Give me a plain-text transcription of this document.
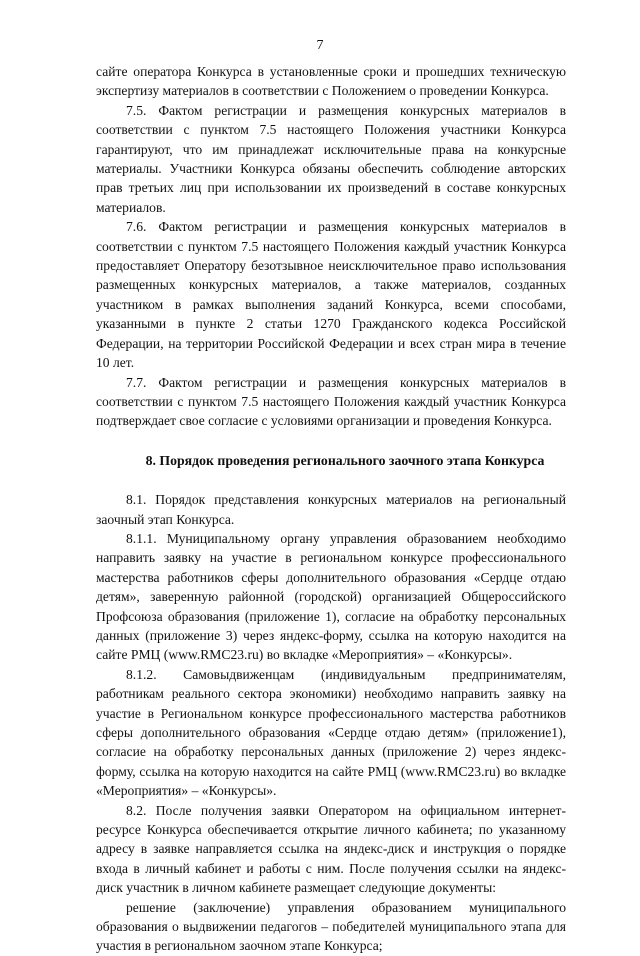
7

сайте оператора Конкурса в установленные сроки и прошедших техническую экспертизу материалов в соответствии с Положением о проведении Конкурса.

7.5. Фактом регистрации и размещения конкурсных материалов в соответствии с пунктом 7.5 настоящего Положения участники Конкурса гарантируют, что им принадлежат исключительные права на конкурсные материалы. Участники Конкурса обязаны обеспечить соблюдение авторских прав третьих лиц при использовании их произведений в составе конкурсных материалов.

7.6. Фактом регистрации и размещения конкурсных материалов в соответствии с пунктом 7.5 настоящего Положения каждый участник Конкурса предоставляет Оператору безотзывное неисключительное право использования размещенных конкурсных материалов, а также материалов, созданных участником в рамках выполнения заданий Конкурса, всеми способами, указанными в пункте 2 статьи 1270 Гражданского кодекса Российской Федерации, на территории Российской Федерации и всех стран мира в течение 10 лет.

7.7. Фактом регистрации и размещения конкурсных материалов в соответствии с пунктом 7.5 настоящего Положения каждый участник Конкурса подтверждает свое согласие с условиями организации и проведения Конкурса.

8. Порядок проведения регионального заочного этапа Конкурса

8.1. Порядок представления конкурсных материалов на региональный заочный этап Конкурса.

8.1.1. Муниципальному органу управления образованием необходимо направить заявку на участие в региональном конкурсе профессионального мастерства работников сферы дополнительного образования «Сердце отдаю детям», завеpенную районной (городской) организацией Общероссийского Профсоюза образования (приложение 1), согласие на обработку персональных данных (приложение 3) через яндекс-форму, ссылка на которую находится на сайте РМЦ (www.RMC23.ru) во вкладке «Мероприятия» – «Конкурсы».

8.1.2. Самовыдвиженцам (индивидуальным предпринимателям, работникам реального сектора экономики) необходимо направить заявку на участие в Региональном конкурсе профессионального мастерства работников сферы дополнительного образования «Сердце отдаю детям» (приложение1), согласие на обработку персональных данных (приложение 2) через яндекс-форму, ссылка на которую находится на сайте РМЦ (www.RMC23.ru) во вкладке «Мероприятия» – «Конкурсы».

8.2. После получения заявки Оператором на официальном интернет-ресурсе Конкурса обеспечивается открытие личного кабинета; по указанному адресу в заявке направляется ссылка на яндекс-диск и инструкция о порядке входа в личный кабинет и работы с ним. После получения ссылки на яндекс-диск участник в личном кабинете размещает следующие документы:

решение (заключение) управления образованием муниципального образования о выдвижении педагогов – победителей муниципального этапа для участия в региональном заочном этапе Конкурса;
